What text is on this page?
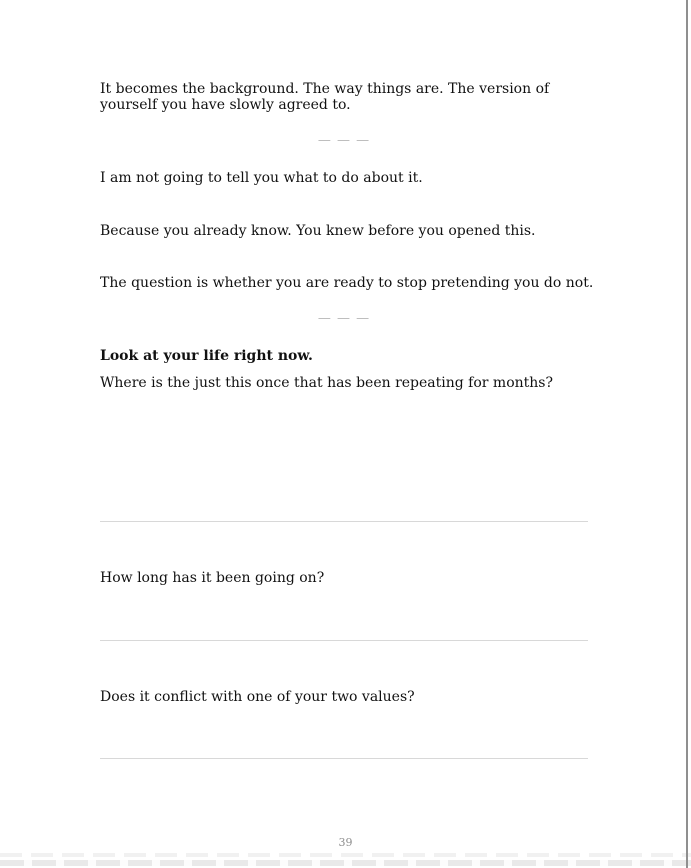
It becomes the background. The way things are. The version of
yourself you have slowly agreed to.
— — —
I am not going to tell you what to do about it.
Because you already know. You knew before you opened this.
The question is whether you are ready to stop pretending you do not.
— — —
Look at your life right now.
Where is the just this once that has been repeating for months?
How long has it been going on?
Does it conflict with one of your two values?
39
